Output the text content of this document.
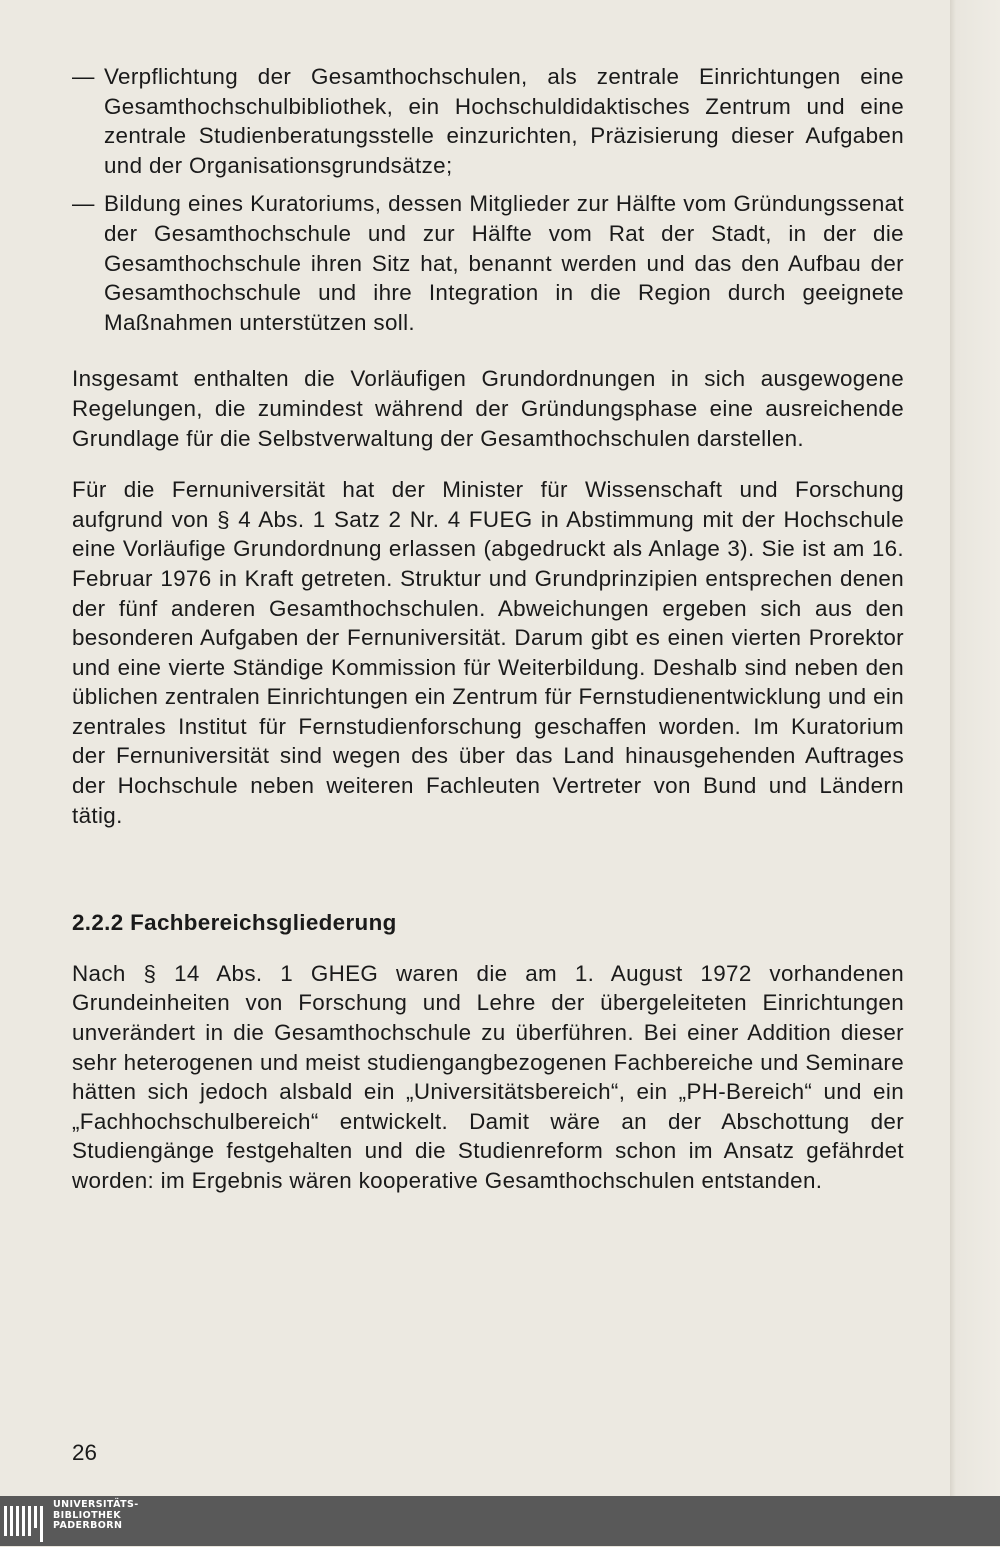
— Verpflichtung der Gesamthochschulen, als zentrale Einrichtungen eine Gesamthochschulbibliothek, ein Hochschuldidaktisches Zentrum und eine zentrale Studienberatungsstelle einzurichten, Präzisierung dieser Aufgaben und der Organisationsgrundsätze;
— Bildung eines Kuratoriums, dessen Mitglieder zur Hälfte vom Gründungssenat der Gesamthochschule und zur Hälfte vom Rat der Stadt, in der die Gesamthochschule ihren Sitz hat, benannt werden und das den Aufbau der Gesamthochschule und ihre Integration in die Region durch geeignete Maßnahmen unterstützen soll.

Insgesamt enthalten die Vorläufigen Grundordnungen in sich ausgewogene Regelungen, die zumindest während der Gründungsphase eine ausreichende Grundlage für die Selbstverwaltung der Gesamthochschulen darstellen.

Für die Fernuniversität hat der Minister für Wissenschaft und Forschung aufgrund von § 4 Abs. 1 Satz 2 Nr. 4 FUEG in Abstimmung mit der Hochschule eine Vorläufige Grundordnung erlassen (abgedruckt als Anlage 3). Sie ist am 16. Februar 1976 in Kraft getreten. Struktur und Grundprinzipien entsprechen denen der fünf anderen Gesamthochschulen. Abweichungen ergeben sich aus den besonderen Aufgaben der Fernuniversität. Darum gibt es einen vierten Prorektor und eine vierte Ständige Kommission für Weiterbildung. Deshalb sind neben den üblichen zentralen Einrichtungen ein Zentrum für Fernstudienentwicklung und ein zentrales Institut für Fernstudienforschung geschaffen worden. Im Kuratorium der Fernuniversität sind wegen des über das Land hinausgehenden Auftrages der Hochschule neben weiteren Fachleuten Vertreter von Bund und Ländern tätig.

2.2.2 Fachbereichsgliederung

Nach § 14 Abs. 1 GHEG waren die am 1. August 1972 vorhandenen Grundeinheiten von Forschung und Lehre der übergeleiteten Einrichtungen unverändert in die Gesamthochschule zu überführen. Bei einer Addition dieser sehr heterogenen und meist studiengangbezogenen Fachbereiche und Seminare hätten sich jedoch alsbald ein „Universitätsbereich“, ein „PH-Bereich“ und ein „Fachhochschulbereich“ entwickelt. Damit wäre an der Abschottung der Studiengänge festgehalten und die Studienreform schon im Ansatz gefährdet worden: im Ergebnis wären kooperative Gesamthochschulen entstanden.

26
UNIVERSITÄTS-
BIBLIOTHEK
PADERBORN
